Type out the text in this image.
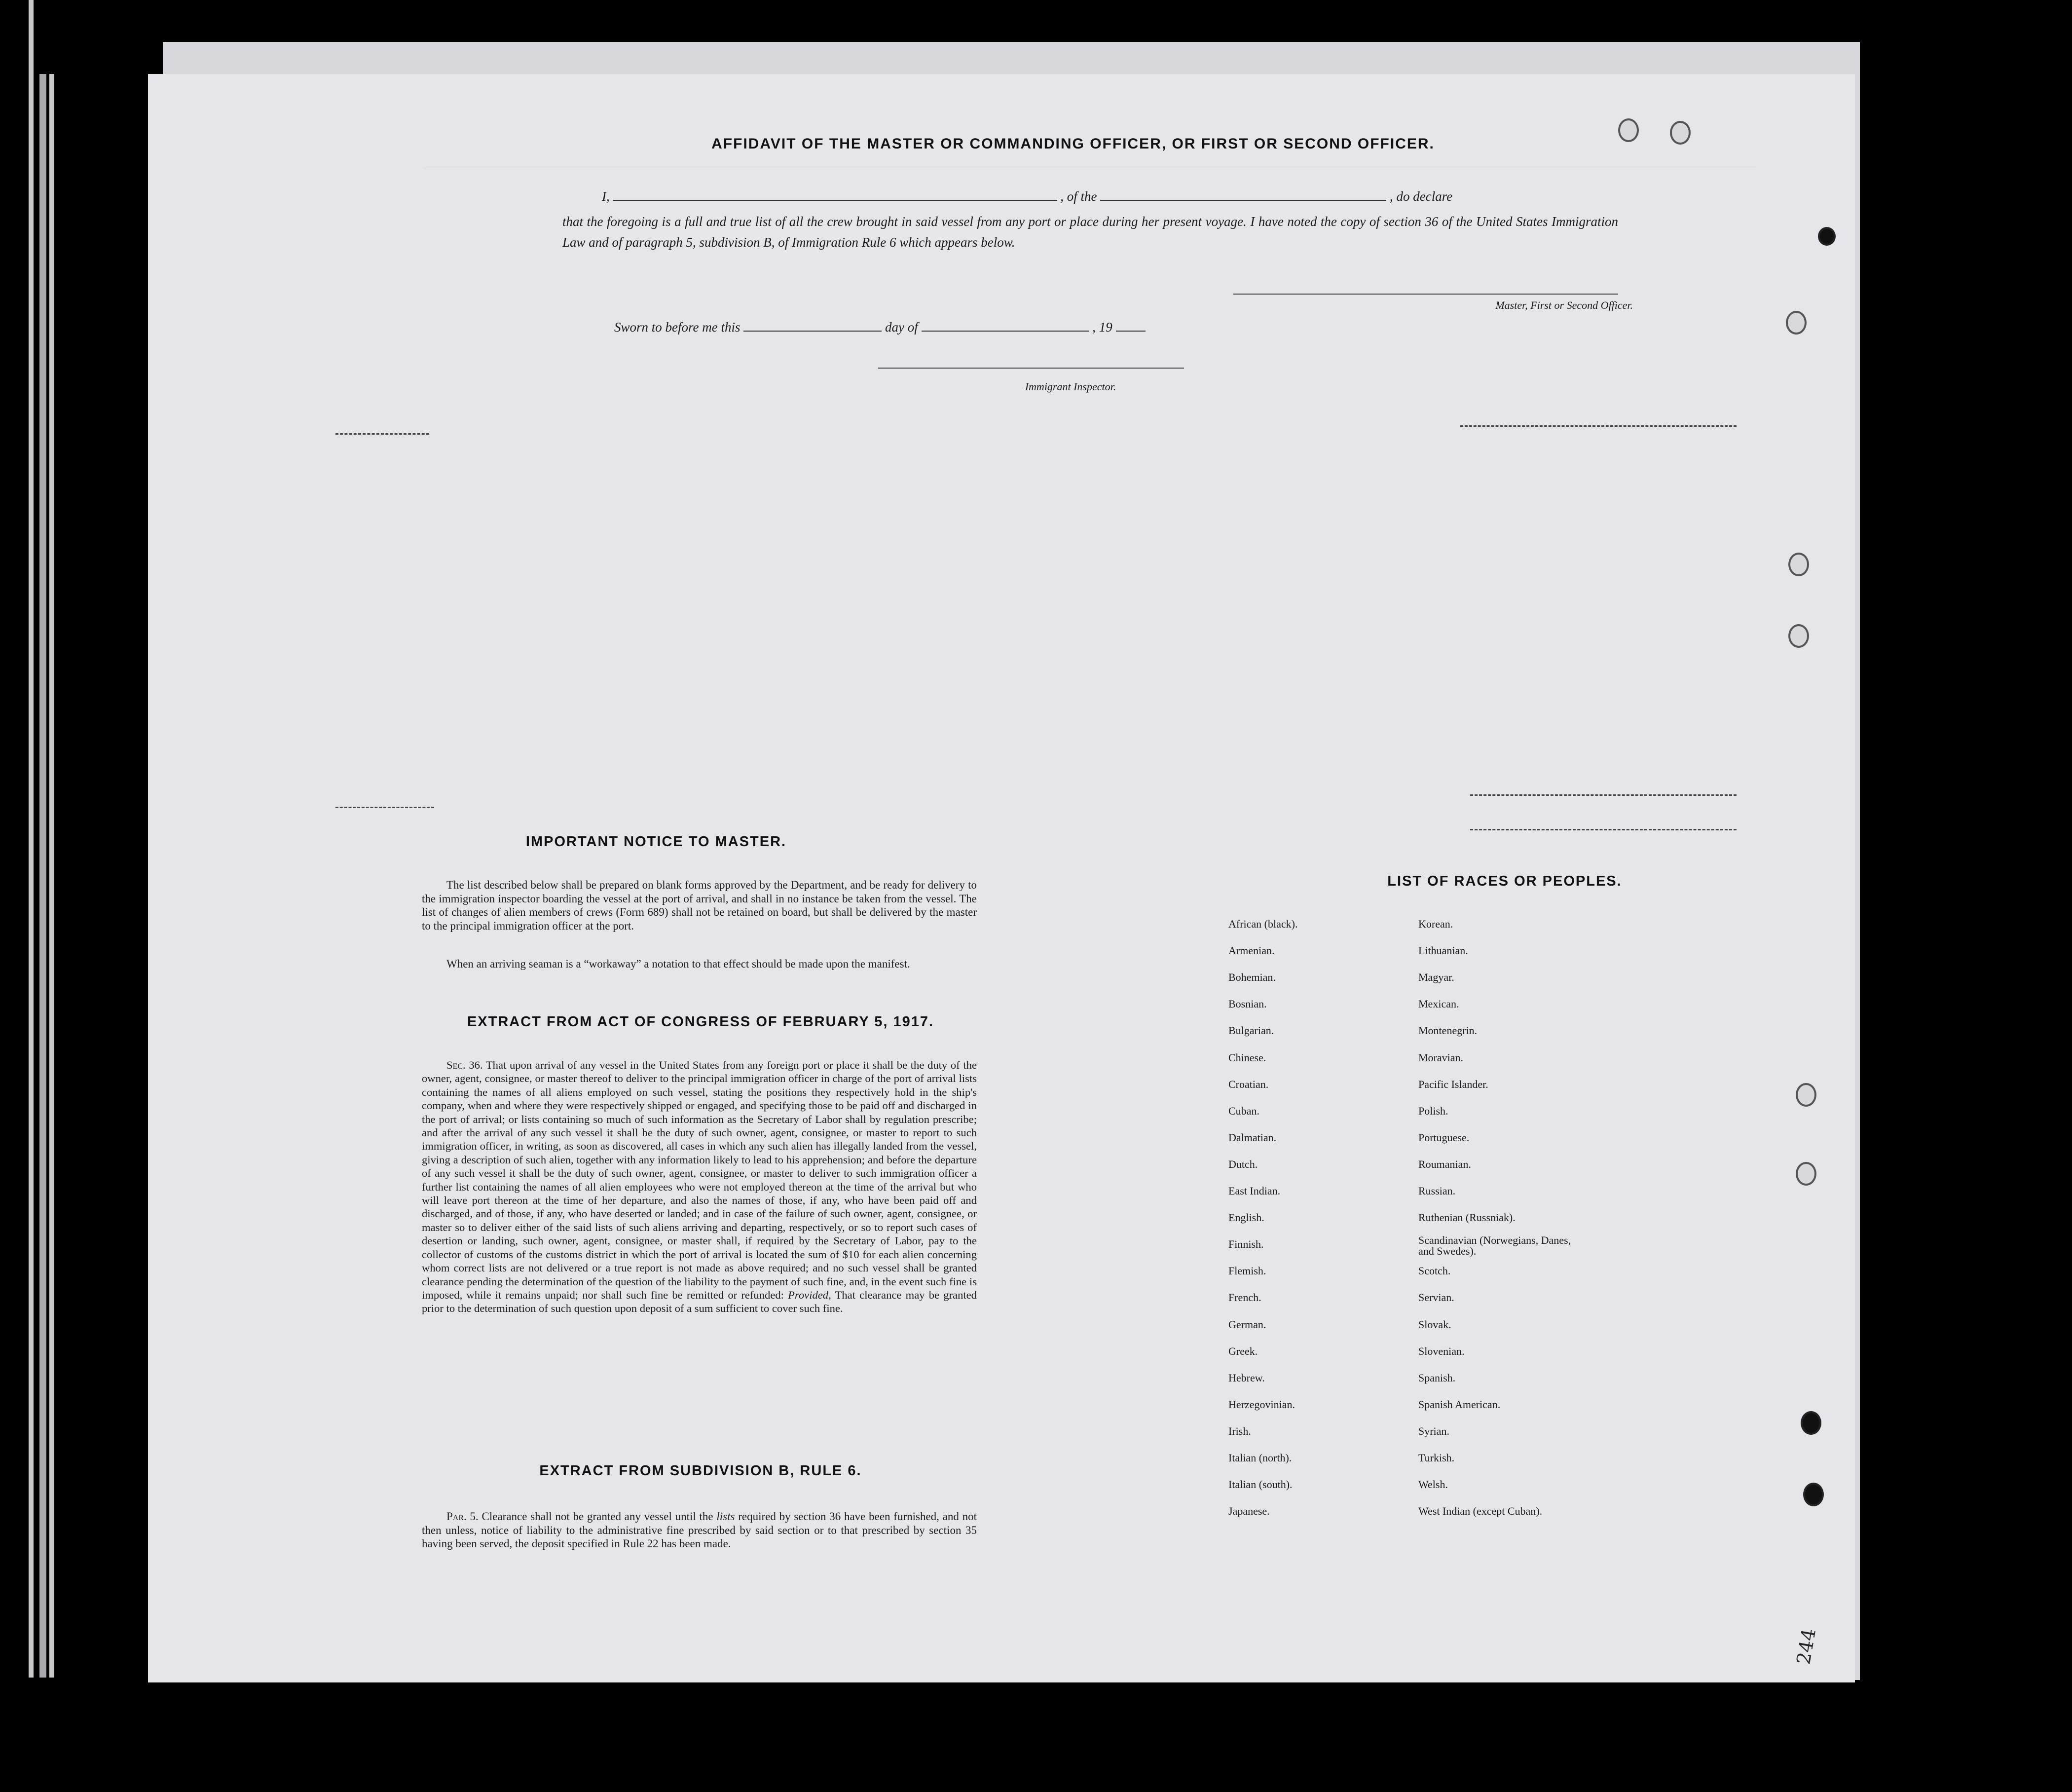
AFFIDAVIT OF THE MASTER OR COMMANDING OFFICER, OR FIRST OR SECOND OFFICER.
I,	, of the	, do declare
that the foregoing is a full and true list of all the crew brought in said vessel from any port or place during her present voyage. I have noted the copy of section 36 of the United States Immigration Law and of paragraph 5, subdivision B, of Immigration Rule 6 which appears below.
Master, First or Second Officer.
Sworn to before me this	day of	, 19
Immigrant Inspector.
IMPORTANT NOTICE TO MASTER.
The list described below shall be prepared on blank forms approved by the Department, and be ready for delivery to the immigration inspector boarding the vessel at the port of arrival, and shall in no instance be taken from the vessel. The list of changes of alien members of crews (Form 689) shall not be retained on board, but shall be delivered by the master to the principal immigration officer at the port.
When an arriving seaman is a “workaway” a notation to that effect should be made upon the manifest.
EXTRACT FROM ACT OF CONGRESS OF FEBRUARY 5, 1917.
Sec. 36. That upon arrival of any vessel in the United States from any foreign port or place it shall be the duty of the owner, agent, consignee, or master thereof to deliver to the principal immigration officer in charge of the port of arrival lists containing the names of all aliens employed on such vessel, stating the positions they respectively hold in the ship's company, when and where they were respectively shipped or engaged, and specifying those to be paid off and discharged in the port of arrival; or lists containing so much of such information as the Secretary of Labor shall by regulation prescribe; and after the arrival of any such vessel it shall be the duty of such owner, agent, consignee, or master to report to such immigration officer, in writing, as soon as discovered, all cases in which any such alien has illegally landed from the vessel, giving a description of such alien, together with any information likely to lead to his apprehension; and before the departure of any such vessel it shall be the duty of such owner, agent, consignee, or master to deliver to such immigration officer a further list containing the names of all alien employees who were not employed thereon at the time of the arrival but who will leave port thereon at the time of her departure, and also the names of those, if any, who have been paid off and discharged, and of those, if any, who have deserted or landed; and in case of the failure of such owner, agent, consignee, or master so to deliver either of the said lists of such aliens arriving and departing, respectively, or so to report such cases of desertion or landing, such owner, agent, consignee, or master shall, if required by the Secretary of Labor, pay to the collector of customs of the customs district in which the port of arrival is located the sum of $10 for each alien concerning whom correct lists are not delivered or a true report is not made as above required; and no such vessel shall be granted clearance pending the determination of the question of the liability to the payment of such fine, and, in the event such fine is imposed, while it remains unpaid; nor shall such fine be remitted or refunded: Provided, That clearance may be granted prior to the determination of such question upon deposit of a sum sufficient to cover such fine.
EXTRACT FROM SUBDIVISION B, RULE 6.
Par. 5. Clearance shall not be granted any vessel until the lists required by section 36 have been furnished, and not then unless, notice of liability to the administrative fine prescribed by said section or to that prescribed by section 35 having been served, the deposit specified in Rule 22 has been made.
LIST OF RACES OR PEOPLES.
244
African (black).
Armenian.
Bohemian.
Bosnian.
Bulgarian.
Chinese.
Croatian.
Cuban.
Dalmatian.
Dutch.
East Indian.
English.
Finnish.
Flemish.
French.
German.
Greek.
Hebrew.
Herzegovinian.
Irish.
Italian (north).
Italian (south).
Japanese.
Korean.
Lithuanian.
Magyar.
Mexican.
Montenegrin.
Moravian.
Pacific Islander.
Polish.
Portuguese.
Roumanian.
Russian.
Ruthenian (Russniak).
Scandinavian (Norwegians, Danes, and Swedes).
Scotch.
Servian.
Slovak.
Slovenian.
Spanish.
Spanish American.
Syrian.
Turkish.
Welsh.
West Indian (except Cuban).
